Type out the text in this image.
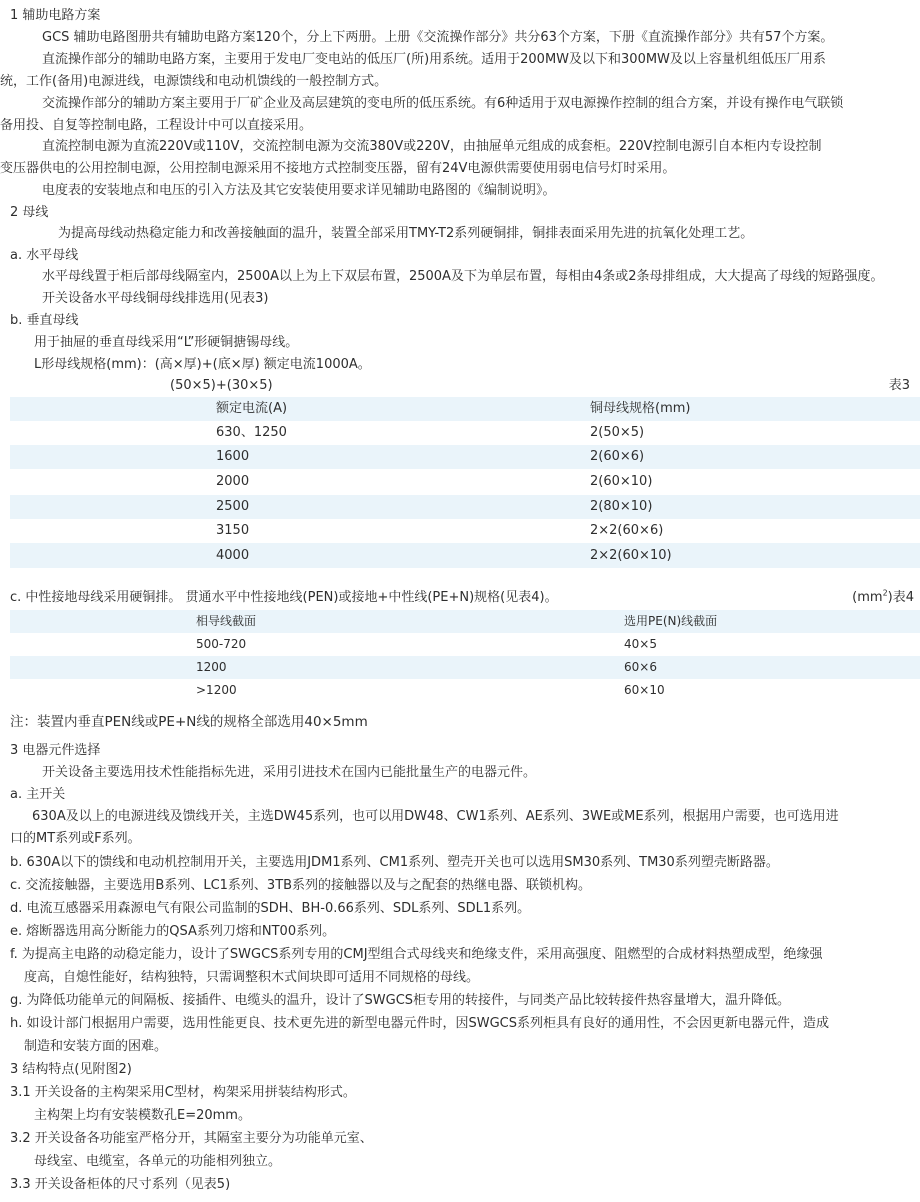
1 辅助电路方案
GCS 辅助电路图册共有辅助电路方案120个，分上下两册。上册《交流操作部分》共分63个方案，下册《直流操作部分》共有57个方案。
直流操作部分的辅助电路方案，主要用于发电厂变电站的低压厂(所)用系统。适用于200MW及以下和300MW及以上容量机组低压厂用系
统，工作(备用)电源进线，电源馈线和电动机馈线的一般控制方式。
交流操作部分的辅助方案主要用于厂矿企业及高层建筑的变电所的低压系统。有6种适用于双电源操作控制的组合方案，并设有操作电气联锁
备用投、自复等控制电路，工程设计中可以直接采用。
直流控制电源为直流220V或110V，交流控制电源为交流380V或220V，由抽屉单元组成的成套柜。220V控制电源引自本柜内专设控制
变压器供电的公用控制电源，公用控制电源采用不接地方式控制变压器，留有24V电源供需要使用弱电信号灯时采用。
电度表的安装地点和电压的引入方法及其它安装使用要求详见辅助电路图的《编制说明》。
2 母线
为提高母线动热稳定能力和改善接触面的温升，装置全部采用TMY-T2系列硬铜排，铜排表面采用先进的抗氧化处理工艺。
a. 水平母线
水平母线置于柜后部母线隔室内，2500A以上为上下双层布置，2500A及下为单层布置，每相由4条或2条母排组成，大大提高了母线的短路强度。
开关设备水平母线铜母线排选用(见表3)
b. 垂直母线
用于抽屉的垂直母线采用“L”形硬铜搪锡母线。
L形母线规格(mm)：(高×厚)+(底×厚) 额定电流1000A。
(50×5)+(30×5)	表3
额定电流(A)	铜母线规格(mm)
630、1250	2(50×5)
1600	2(60×6)
2000	2(60×10)
2500	2(80×10)
3150	2×2(60×6)
4000	2×2(60×10)
c. 中性接地母线采用硬铜排。 贯通水平中性接地线(PEN)或接地+中性线(PE+N)规格(见表4)。	$(mm^2)$表4
相导线截面	选用PE(N)线截面
500-720	40×5
1200	60×6
>1200	60×10
注：装置内垂直PEN线或PE+N线的规格全部选用40×5mm
3 电器元件选择
开关设备主要选用技术性能指标先进，采用引进技术在国内已能批量生产的电器元件。
a. 主开关
630A及以上的电源进线及馈线开关，主选DW45系列，也可以用DW48、CW1系列、AE系列、3WE或ME系列，根据用户需要，也可选用进
口的MT系列或F系列。
b. 630A以下的馈线和电动机控制用开关，主要选用JDM1系列、CM1系列、塑壳开关也可以选用SM30系列、TM30系列塑壳断路器。
c. 交流接触器，主要选用B系列、LC1系列、3TB系列的接触器以及与之配套的热继电器、联锁机构。
d. 电流互感器采用森源电气有限公司监制的SDH、BH-0.66系列、SDL系列、SDL1系列。
e. 熔断器选用高分断能力的QSA系列刀熔和NT00系列。
f. 为提高主电路的动稳定能力，设计了SWGCS系列专用的CMJ型组合式母线夹和绝缘支件，采用高强度、阻燃型的合成材料热塑成型，绝缘强
度高，自熄性能好，结构独特，只需调整积木式间块即可适用不同规格的母线。
g. 为降低功能单元的间隔板、接插件、电缆头的温升，设计了SWGCS柜专用的转接件，与同类产品比较转接件热容量增大，温升降低。
h. 如设计部门根据用户需要，选用性能更良、技术更先进的新型电器元件时，因SWGCS系列柜具有良好的通用性，不会因更新电器元件，造成
制造和安装方面的困难。
3 结构特点(见附图2)
3.1 开关设备的主构架采用C型材，构架采用拼装结构形式。
主构架上均有安装模数孔E=20mm。
3.2 开关设备各功能室严格分开，其隔室主要分为功能单元室、
母线室、电缆室，各单元的功能相列独立。
3.3 开关设备柜体的尺寸系列（见表5)
